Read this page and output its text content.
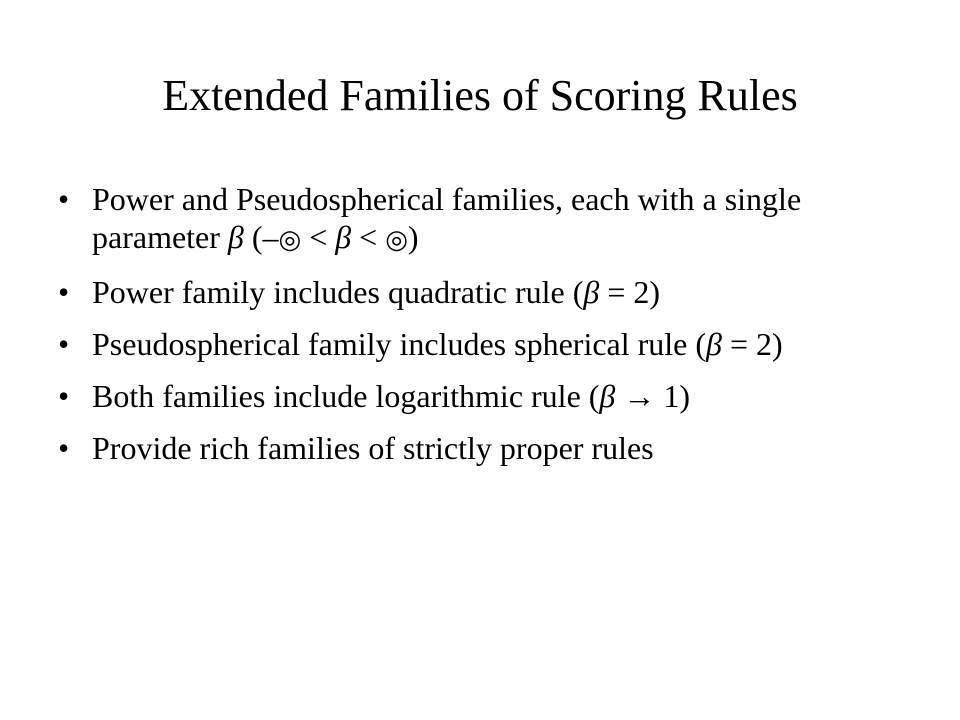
Extended Families of Scoring Rules
• Power and Pseudospherical families, each with a single parameter β (–◎ < β < ◎)
• Power family includes quadratic rule (β = 2)
• Pseudospherical family includes spherical rule (β = 2)
• Both families include logarithmic rule (β → 1)
• Provide rich families of strictly proper rules
